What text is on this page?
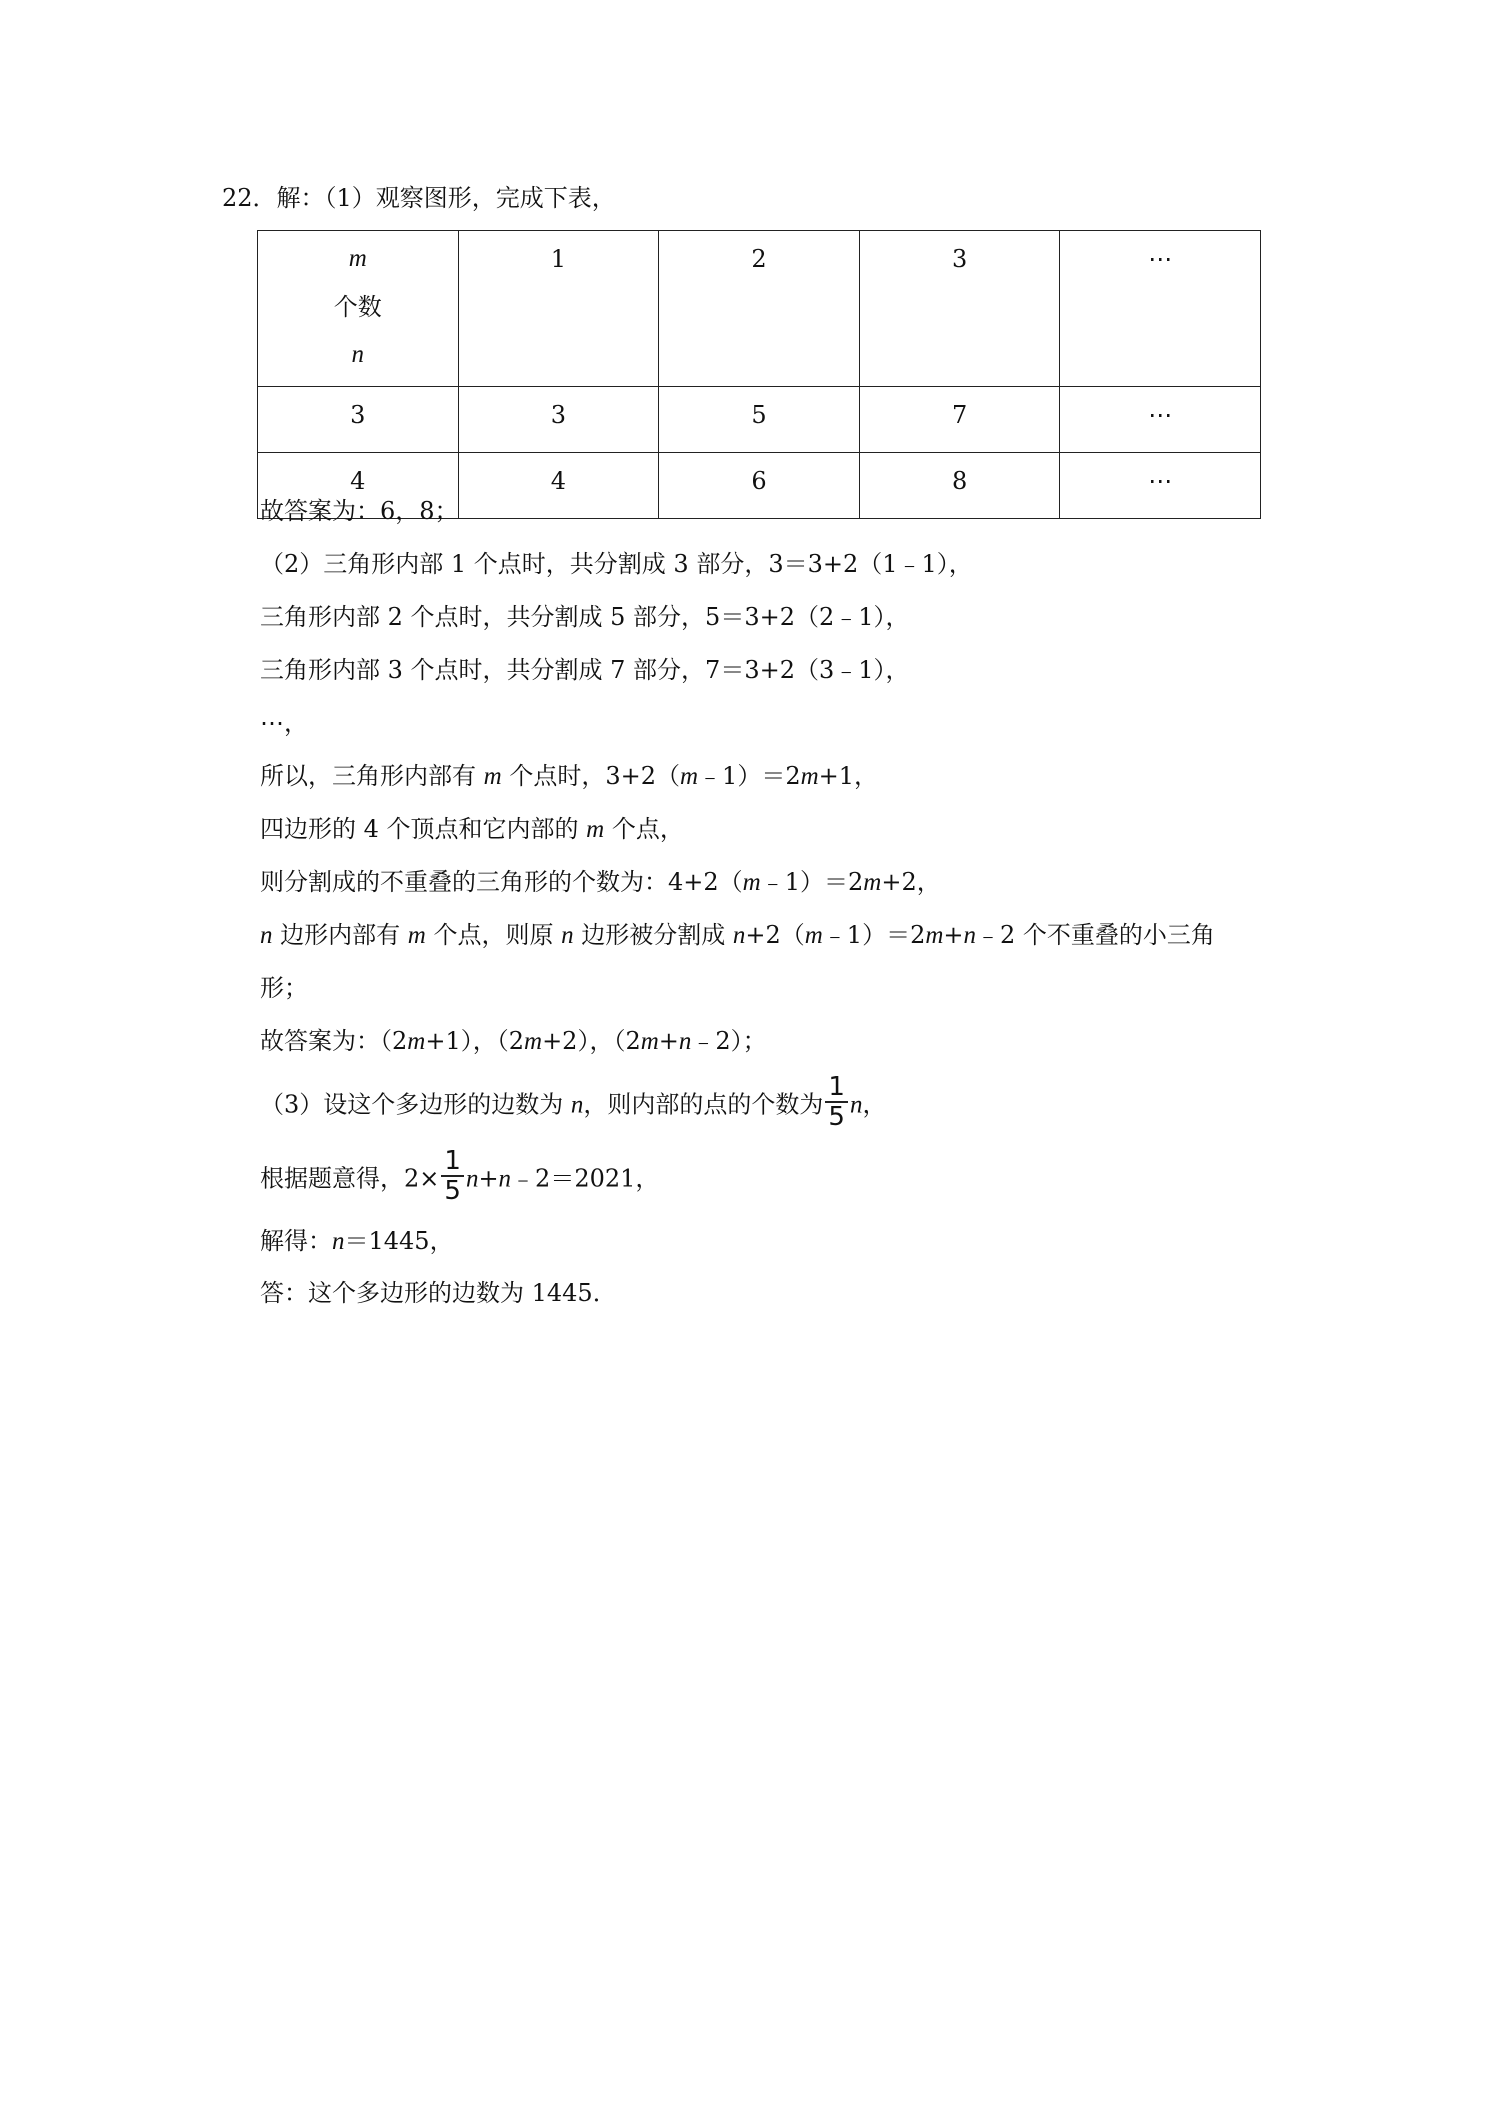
22．解：（1）观察图形，完成下表，
m
个数
n	1	2	3	⋯
3	3	5	7	⋯
4	4	6	8	⋯
故答案为：6，8；
（2）三角形内部 1 个点时，共分割成 3 部分，3＝3+2（1﹣1），
三角形内部 2 个点时，共分割成 5 部分，5＝3+2（2﹣1），
三角形内部 3 个点时，共分割成 7 部分，7＝3+2（3﹣1），
⋯，
所以，三角形内部有 m 个点时，3+2（m﹣1）＝2m+1，
四边形的 4 个顶点和它内部的 m 个点，
则分割成的不重叠的三角形的个数为：4+2（m﹣1）＝2m+2，
n 边形内部有 m 个点，则原 n 边形被分割成 n+2（m﹣1）＝2m+n﹣2 个不重叠的小三角
形；
故答案为：（2m+1），（2m+2），（2m+n﹣2）；
（3）设这个多边形的边数为 n，则内部的点的个数为 $\frac{1}{5}$ n，
根据题意得，$2\times \frac{1}{5}$ n+n﹣2＝2021，
解得：n＝1445，
答：这个多边形的边数为 1445．
